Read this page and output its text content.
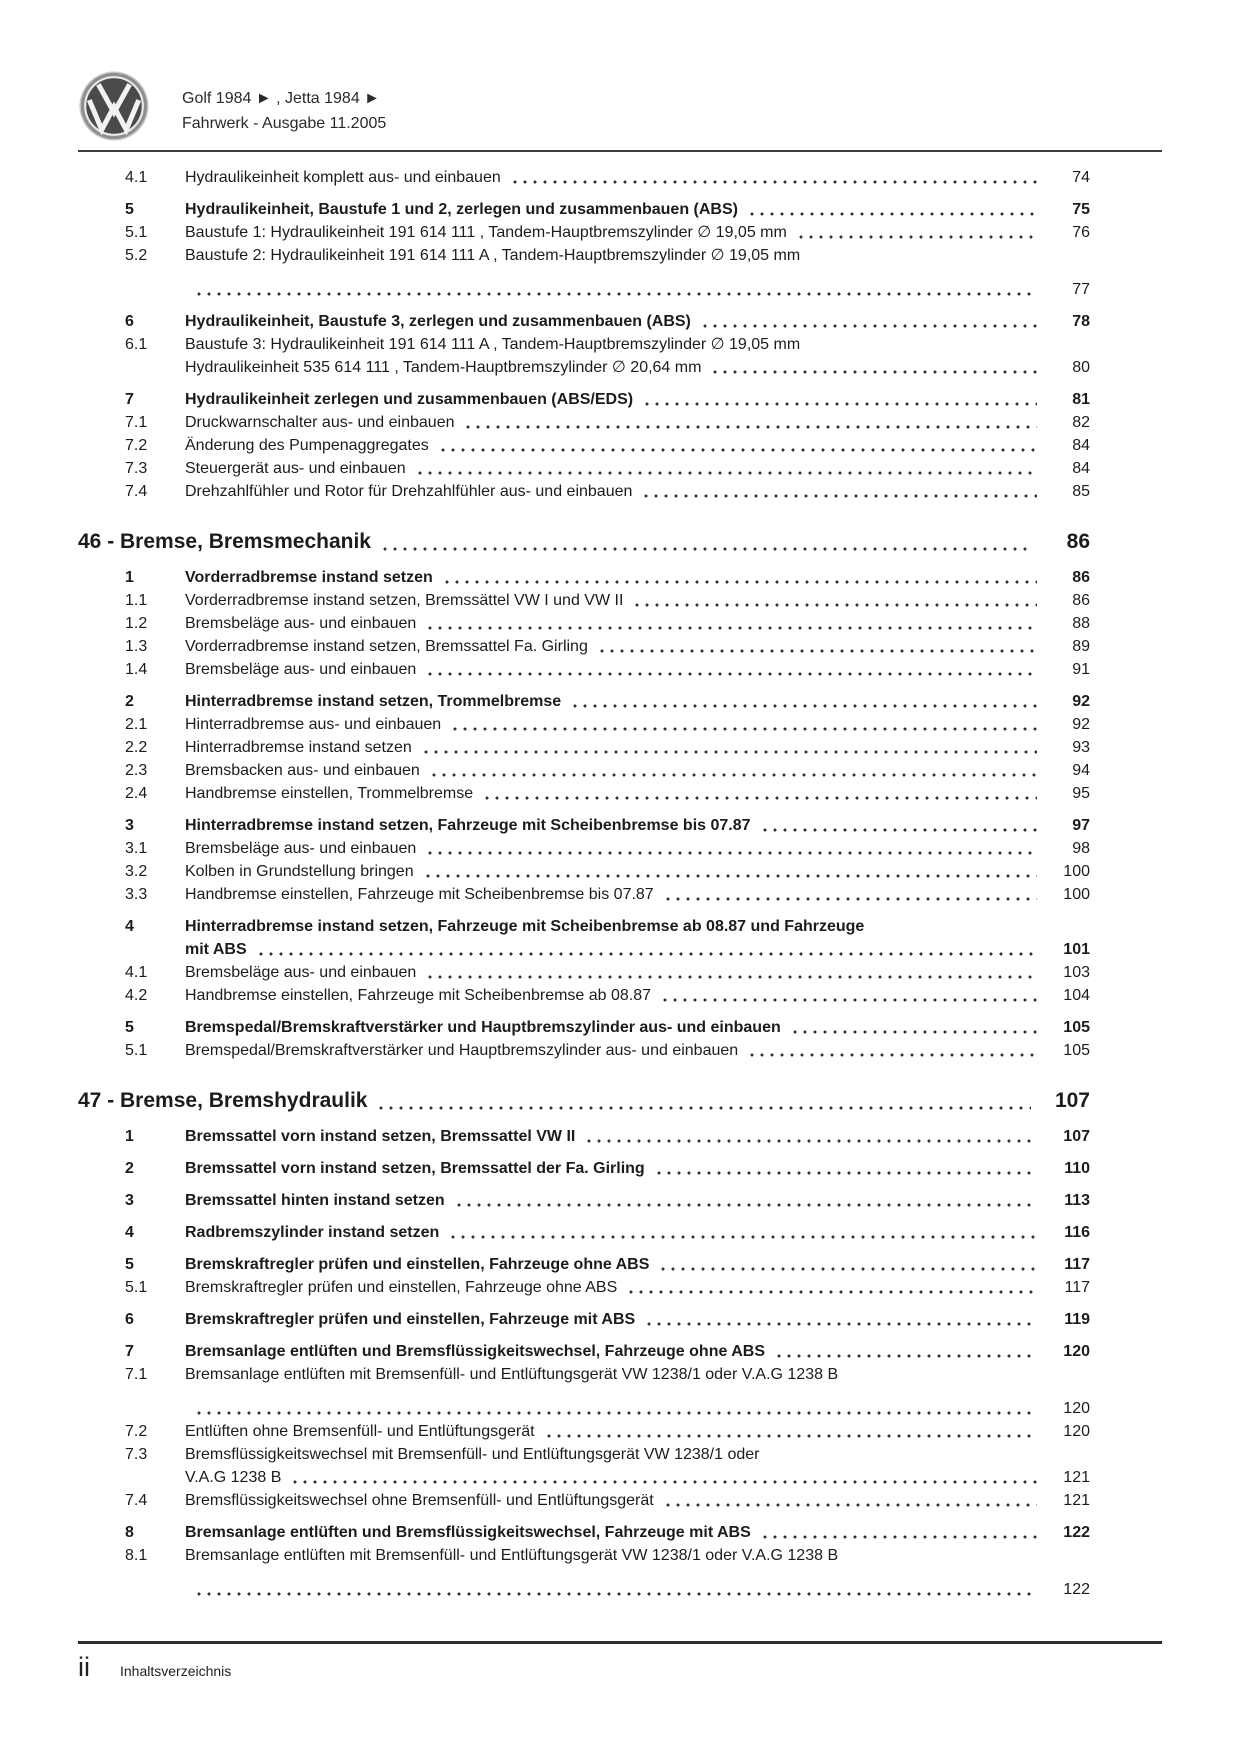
Golf 1984 ► , Jetta 1984 ►
Fahrwerk - Ausgabe 11.2005
4.1	Hydraulikeinheit komplett aus- und einbauen	74
5	Hydraulikeinheit, Baustufe 1 und 2, zerlegen und zusammenbauen (ABS)	75
5.1	Baustufe 1: Hydraulikeinheit 191 614 111 , Tandem-Hauptbremszylinder ∅ 19,05 mm	76
5.2	Baustufe 2: Hydraulikeinheit 191 614 111 A , Tandem-Hauptbremszylinder ∅ 19,05 mm
77
6	Hydraulikeinheit, Baustufe 3, zerlegen und zusammenbauen (ABS)	78
6.1	Baustufe 3: Hydraulikeinheit 191 614 111 A , Tandem-Hauptbremszylinder ∅ 19,05 mm
Hydraulikeinheit 535 614 111 , Tandem-Hauptbremszylinder ∅ 20,64 mm	80
7	Hydraulikeinheit zerlegen und zusammenbauen (ABS/EDS)	81
7.1	Druckwarnschalter aus- und einbauen	82
7.2	Änderung des Pumpenaggregates	84
7.3	Steuergerät aus- und einbauen	84
7.4	Drehzahlfühler und Rotor für Drehzahlfühler aus- und einbauen	85
46 - Bremse, Bremsmechanik	86
1	Vorderradbremse instand setzen	86
1.1	Vorderradbremse instand setzen, Bremssättel VW I und VW II	86
1.2	Bremsbeläge aus- und einbauen	88
1.3	Vorderradbremse instand setzen, Bremssattel Fa. Girling	89
1.4	Bremsbeläge aus- und einbauen	91
2	Hinterradbremse instand setzen, Trommelbremse	92
2.1	Hinterradbremse aus- und einbauen	92
2.2	Hinterradbremse instand setzen	93
2.3	Bremsbacken aus- und einbauen	94
2.4	Handbremse einstellen, Trommelbremse	95
3	Hinterradbremse instand setzen, Fahrzeuge mit Scheibenbremse bis 07.87	97
3.1	Bremsbeläge aus- und einbauen	98
3.2	Kolben in Grundstellung bringen	100
3.3	Handbremse einstellen, Fahrzeuge mit Scheibenbremse bis 07.87	100
4	Hinterradbremse instand setzen, Fahrzeuge mit Scheibenbremse ab 08.87 und Fahrzeuge
mit ABS	101
4.1	Bremsbeläge aus- und einbauen	103
4.2	Handbremse einstellen, Fahrzeuge mit Scheibenbremse ab 08.87	104
5	Bremspedal/Bremskraftverstärker und Hauptbremszylinder aus- und einbauen	105
5.1	Bremspedal/Bremskraftverstärker und Hauptbremszylinder aus- und einbauen	105
47 - Bremse, Bremshydraulik	107
1	Bremssattel vorn instand setzen, Bremssattel VW II	107
2	Bremssattel vorn instand setzen, Bremssattel der Fa. Girling	110
3	Bremssattel hinten instand setzen	113
4	Radbremszylinder instand setzen	116
5	Bremskraftregler prüfen und einstellen, Fahrzeuge ohne ABS	117
5.1	Bremskraftregler prüfen und einstellen, Fahrzeuge ohne ABS	117
6	Bremskraftregler prüfen und einstellen, Fahrzeuge mit ABS	119
7	Bremsanlage entlüften und Bremsflüssigkeitswechsel, Fahrzeuge ohne ABS	120
7.1	Bremsanlage entlüften mit Bremsenfüll- und Entlüftungsgerät VW 1238/1 oder V.A.G 1238 B
120
7.2	Entlüften ohne Bremsenfüll- und Entlüftungsgerät	120
7.3	Bremsflüssigkeitswechsel mit Bremsenfüll- und Entlüftungsgerät VW 1238/1 oder
V.A.G 1238 B	121
7.4	Bremsflüssigkeitswechsel ohne Bremsenfüll- und Entlüftungsgerät	121
8	Bremsanlage entlüften und Bremsflüssigkeitswechsel, Fahrzeuge mit ABS	122
8.1	Bremsanlage entlüften mit Bremsenfüll- und Entlüftungsgerät VW 1238/1 oder V.A.G 1238 B
122
ii Inhaltsverzeichnis
